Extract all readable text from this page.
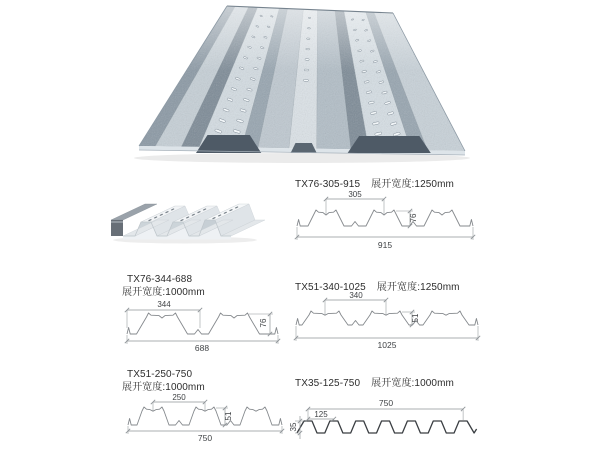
TX76-305-915 展开宽度:1250mm
TX76-344-688
展开宽度:1000mm	TX51-340-1025 展开宽度:1250mm
TX51-250-750
展开宽度:1000mm	TX35-125-750 展开宽度:1000mm
305
915
76
344
688
76
340
1025
51
250
750
51
750
125
35
